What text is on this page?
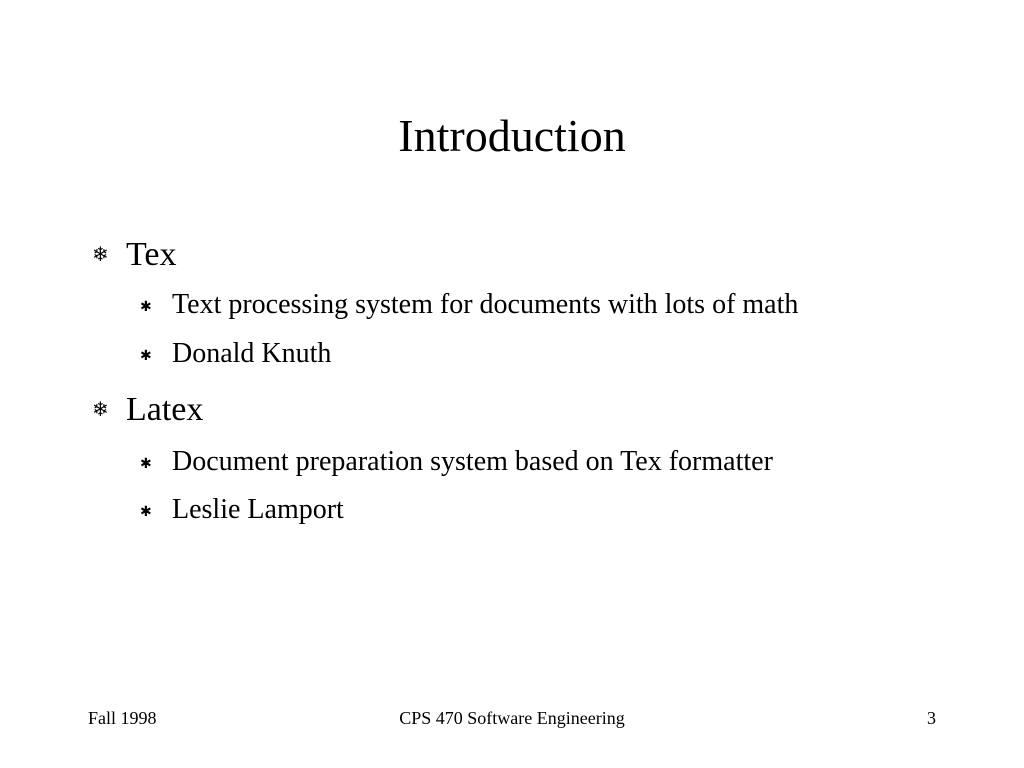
Introduction
❄ Tex
✱ Text processing system for documents with lots of math
✱ Donald Knuth
❄ Latex
✱ Document preparation system based on Tex formatter
✱ Leslie Lamport
Fall 1998	CPS 470 Software Engineering	3
